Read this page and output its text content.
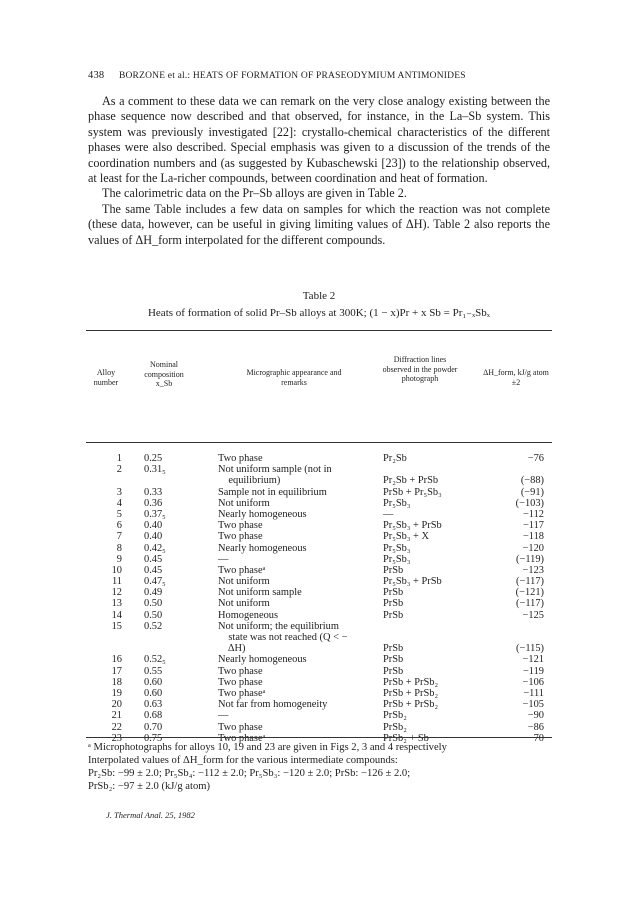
438 BORZONE et al.: HEATS OF FORMATION OF PRASEODYMIUM ANTIMONIDES

As a comment to these data we can remark on the very close analogy existing between the phase sequence now described and that observed, for instance, in the La–Sb system. This system was previously investigated [22]: crystallo-chemical characteristics of the different phases were also described. Special emphasis was given to a discussion of the trends of the coordination numbers and (as suggested by Kubaschewski [23]) to the relationship observed, at least for the La-richer compounds, between coordination and heat of formation.

The calorimetric data on the Pr–Sb alloys are given in Table 2.

The same Table includes a few data on samples for which the reaction was not complete (these data, however, can be useful in giving limiting values of ΔH). Table 2 also reports the values of ΔH_form interpolated for the different compounds.

Table 2
Heats of formation of solid Pr–Sb alloys at 300K; (1 − x)Pr + x Sb = Pr₁₋ₓSbₓ
Alloy number
Nominal composition x_Sb
Micrographic appearance and remarks
Diffraction lines observed in the powder photograph
ΔH_form, kJ/g atom ±2
1 0.25	Two phase	Pr₂Sb	−76
2 0.31₅	Not uniform sample (not in
equilibrium)	Pr₂Sb + PrSb	(−88)
3 0.33	Sample not in equilibrium	PrSb + Pr₅Sb₃	(−91)
4 0.36	Not uniform	Pr₅Sb₃	(−103)
5 0.37₅	Nearly homogeneous	—	−112
6 0.40	Two phase	Pr₅Sb₃ + PrSb	−117
7 0.40	Two phase	Pr₅Sb₃ + X	−118
8 0.42₅	Nearly homogeneous	Pr₅Sb₃	−120
9 0.45	—	Pr₅Sb₃	(−119)
10 0.45	Two phaseᵃ	PrSb	−123
11 0.47₅	Not uniform	Pr₅Sb₃ + PrSb	(−117)
12 0.49	Not uniform sample	PrSb	(−121)
13 0.50	Not uniform	PrSb	(−117)
14 0.50	Homogeneous	PrSb	−125
15 0.52	Not uniform; the equilibrium
state was not reached (Q < −
ΔH)	PrSb	(−115)
16 0.52₅	Nearly homogeneous	PrSb	−121
17 0.55	Two phase	PrSb	−119
18 0.60	Two phase	PrSb + PrSb₂	−106
19 0.60	Two phaseᵃ	PrSb + PrSb₂	−111
20 0.63	Not far from homogeneity	PrSb + PrSb₂	−105
21 0.68	—	PrSb₂	−90
22 0.70	Two phase	PrSb₂	−86
23 0.75	Two phaseᵃ	PrSb₂ + Sb	−70
ᵃ Microphotographs for alloys 10, 19 and 23 are given in Figs 2, 3 and 4 respectively
Interpolated values of ΔH_form for the various intermediate compounds:
Pr₂Sb: −99 ± 2.0; Pr₅Sb₄: −112 ± 2.0; Pr₅Sb₃: −120 ± 2.0; PrSb: −126 ± 2.0;
PrSb₂: −97 ± 2.0 (kJ/g atom)
J. Thermal Anal. 25, 1982
